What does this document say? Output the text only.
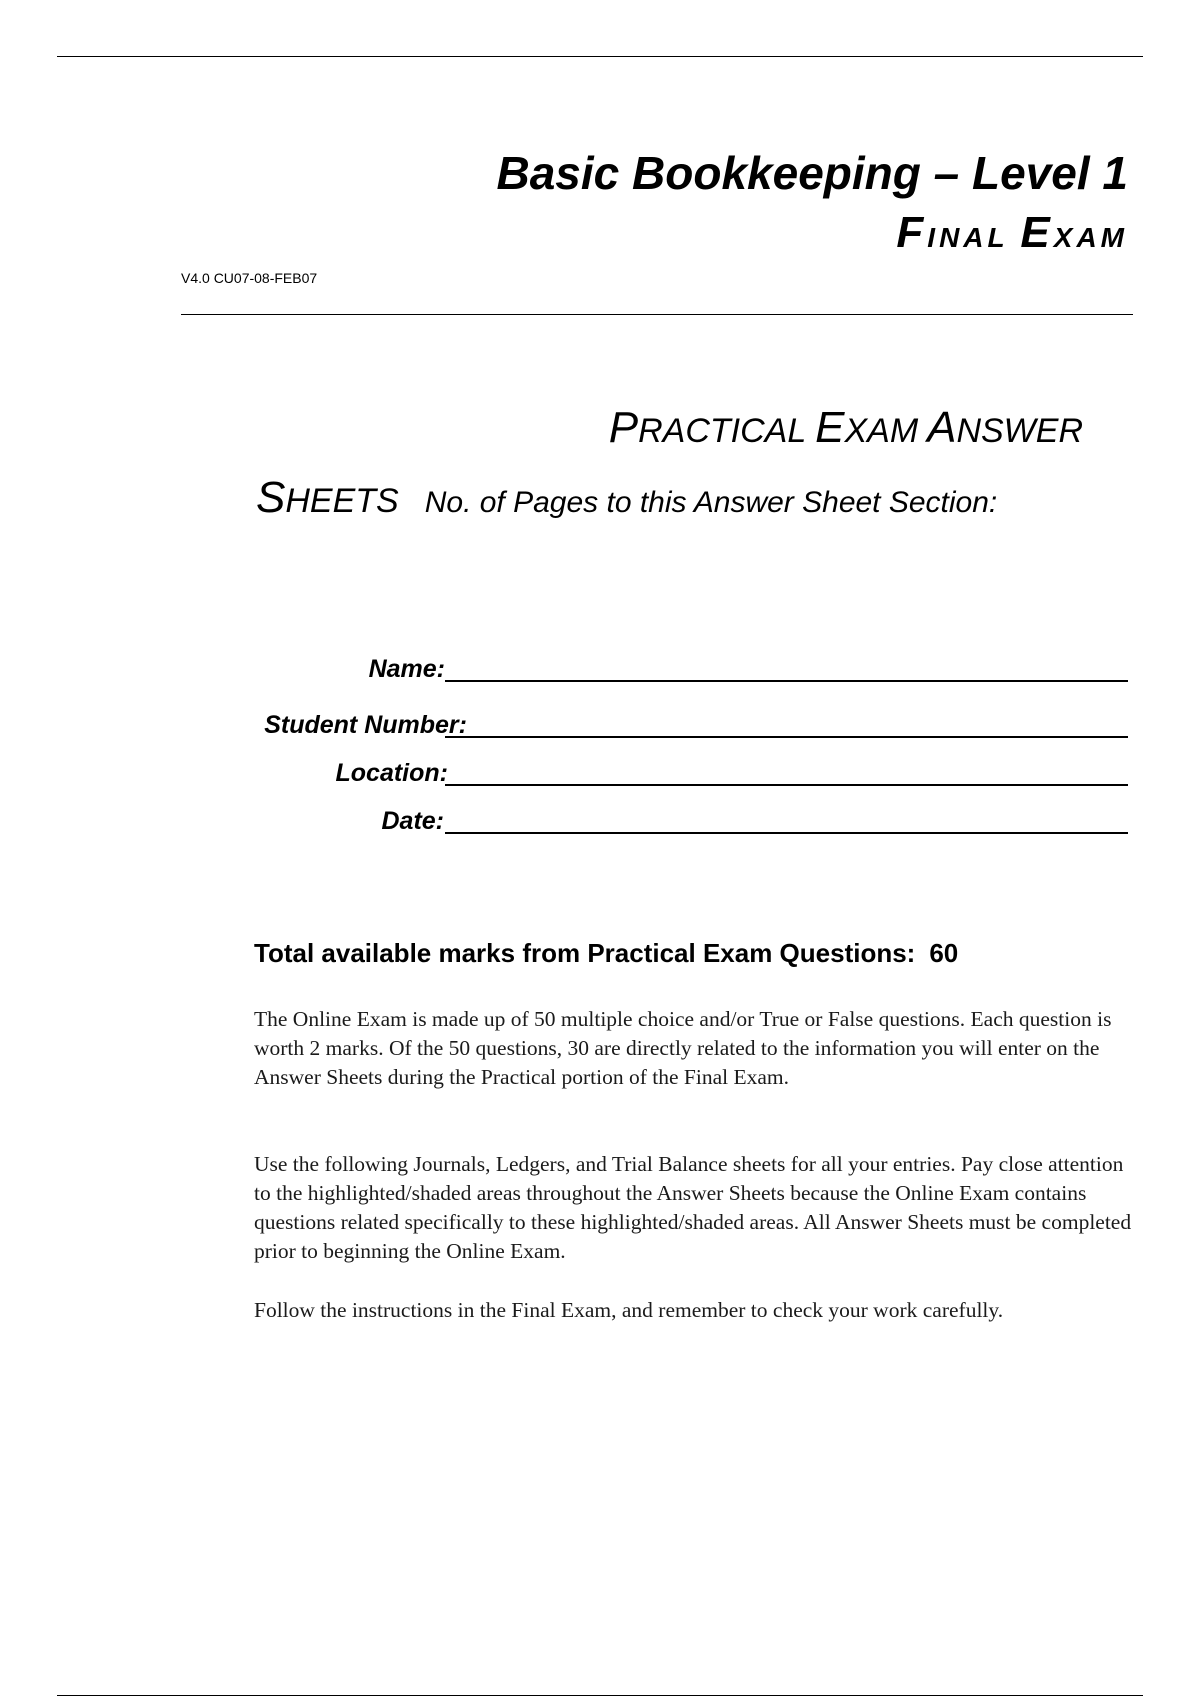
Basic Bookkeeping – Level 1
FINAL EXAM
V4.0 CU07-08-FEB07
PRACTICAL EXAM ANSWER
SHEETS No. of Pages to this Answer Sheet Section:
Name:
Student Number:
Location:
Date:
Total available marks from Practical Exam Questions: 60
The Online Exam is made up of 50 multiple choice and/or True or False questions. Each question is worth 2 marks. Of the 50 questions, 30 are directly related to the information you will enter on the Answer Sheets during the Practical portion of the Final Exam.
Use the following Journals, Ledgers, and Trial Balance sheets for all your entries. Pay close attention to the highlighted/shaded areas throughout the Answer Sheets because the Online Exam contains questions related specifically to these highlighted/shaded areas. All Answer Sheets must be completed prior to beginning the Online Exam.
Follow the instructions in the Final Exam, and remember to check your work carefully.
